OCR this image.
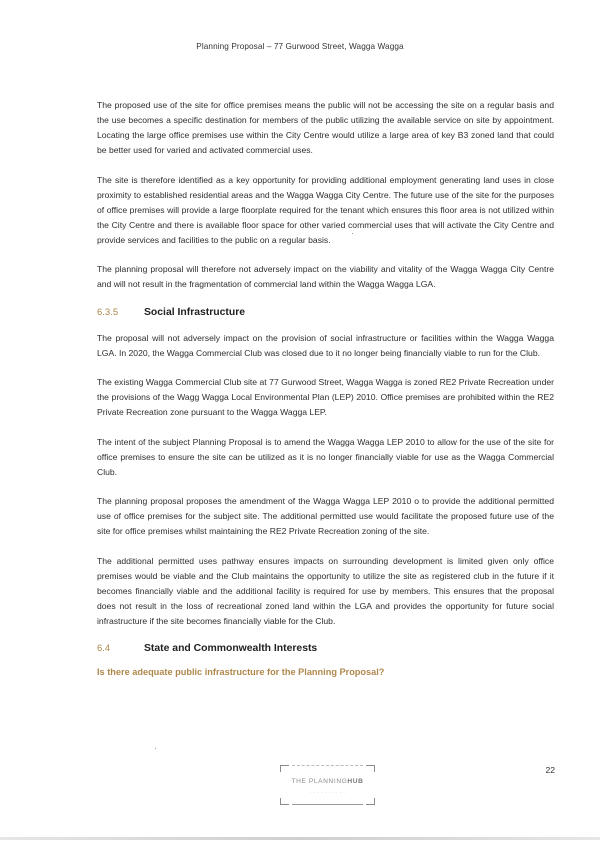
Planning Proposal – 77 Gurwood Street, Wagga Wagga

The proposed use of the site for office premises means the public will not be accessing the site on a regular basis and the use becomes a specific destination for members of the public utilizing the available service on site by appointment. Locating the large office premises use within the City Centre would utilize a large area of key B3 zoned land that could be better used for varied and activated commercial uses.

The site is therefore identified as a key opportunity for providing additional employment generating land uses in close proximity to established residential areas and the Wagga Wagga City Centre. The future use of the site for the purposes of office premises will provide a large floorplate required for the tenant which ensures this floor area is not utilized within the City Centre and there is available floor space for other varied commercial uses that will activate the City Centre and provide services and facilities to the public on a regular basis.

The planning proposal will therefore not adversely impact on the viability and vitality of the Wagga Wagga City Centre and will not result in the fragmentation of commercial land within the Wagga Wagga LGA.

6.3.5	Social Infrastructure

The proposal will not adversely impact on the provision of social infrastructure or facilities within the Wagga Wagga LGA. In 2020, the Wagga Commercial Club was closed due to it no longer being financially viable to run for the Club.

The existing Wagga Commercial Club site at 77 Gurwood Street, Wagga Wagga is zoned RE2 Private Recreation under the provisions of the Wagg Wagga Local Environmental Plan (LEP) 2010. Office premises are prohibited within the RE2 Private Recreation zone pursuant to the Wagga Wagga LEP.

The intent of the subject Planning Proposal is to amend the Wagga Wagga LEP 2010 to allow for the use of the site for office premises to ensure the site can be utilized as it is no longer financially viable for use as the Wagga Commercial Club.

The planning proposal proposes the amendment of the Wagga Wagga LEP 2010 o to provide the additional permitted use of office premises for the subject site. The additional permitted use would facilitate the proposed future use of the site for office premises whilst maintaining the RE2 Private Recreation zoning of the site.

The additional permitted uses pathway ensures impacts on surrounding development is limited given only office premises would be viable and the Club maintains the opportunity to utilize the site as registered club in the future if it becomes financially viable and the additional facility is required for use by members. This ensures that the proposal does not result in the loss of recreational zoned land within the LGA and provides the opportunity for future social infrastructure if the site becomes financially viable for the Club.

6.4	State and Commonwealth Interests

Is there adequate public infrastructure for the Planning Proposal?

THE PLANNINGHUB
· · · · · · · · · ·
22
